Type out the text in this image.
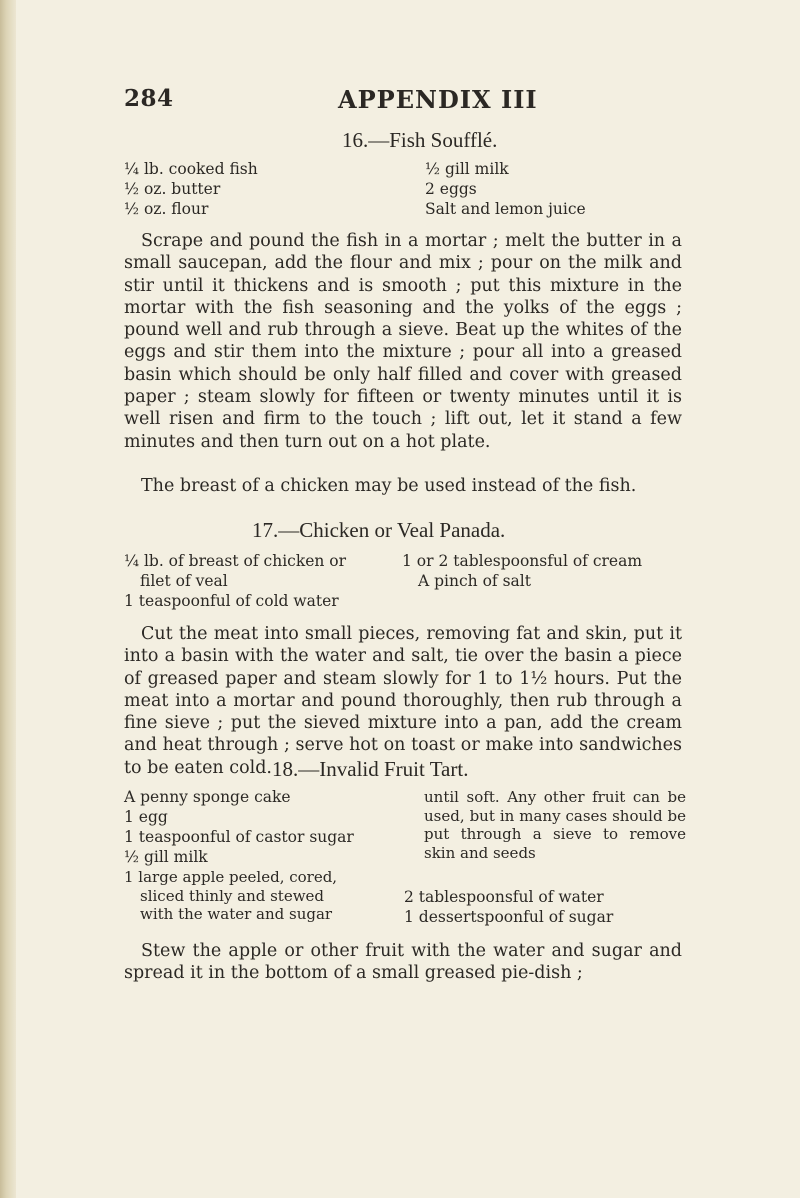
284	APPENDIX III
16.—Fish Soufflé.
¼ lb. cooked fish
½ oz. butter
½ oz. flour
½ gill milk
2 eggs
Salt and lemon juice
Scrape and pound the fish in a mortar ; melt the butter in a small saucepan, add the flour and mix ; pour on the milk and stir until it thickens and is smooth ; put this mixture in the mortar with the fish seasoning and the yolks of the eggs ; pound well and rub through a sieve. Beat up the whites of the eggs and stir them into the mixture ; pour all into a greased basin which should be only half filled and cover with greased paper ; steam slowly for fifteen or twenty minutes until it is well risen and firm to the touch ; lift out, let it stand a few minutes and then turn out on a hot plate.
The breast of a chicken may be used instead of the fish.
17.—Chicken or Veal Panada.
¼ lb. of breast of chicken or
filet of veal
1 teaspoonful of cold water
1 or 2 tablespoonsful of cream
A pinch of salt
Cut the meat into small pieces, removing fat and skin, put it into a basin with the water and salt, tie over the basin a piece of greased paper and steam slowly for 1 to 1½ hours. Put the meat into a mortar and pound thoroughly, then rub through a fine sieve ; put the sieved mixture into a pan, add the cream and heat through ; serve hot on toast or make into sandwiches to be eaten cold. 18.—Invalid Fruit Tart.
A penny sponge cake
1 egg
1 teaspoonful of castor sugar
½ gill milk
1 large apple peeled, cored, sliced thinly and stewed with the water and sugar
until soft. Any other fruit can be used, but in many cases should be put through a sieve to remove skin and seeds
2 tablespoonsful of water
1 dessertspoonful of sugar
Stew the apple or other fruit with the water and sugar and spread it in the bottom of a small greased pie-dish ;
